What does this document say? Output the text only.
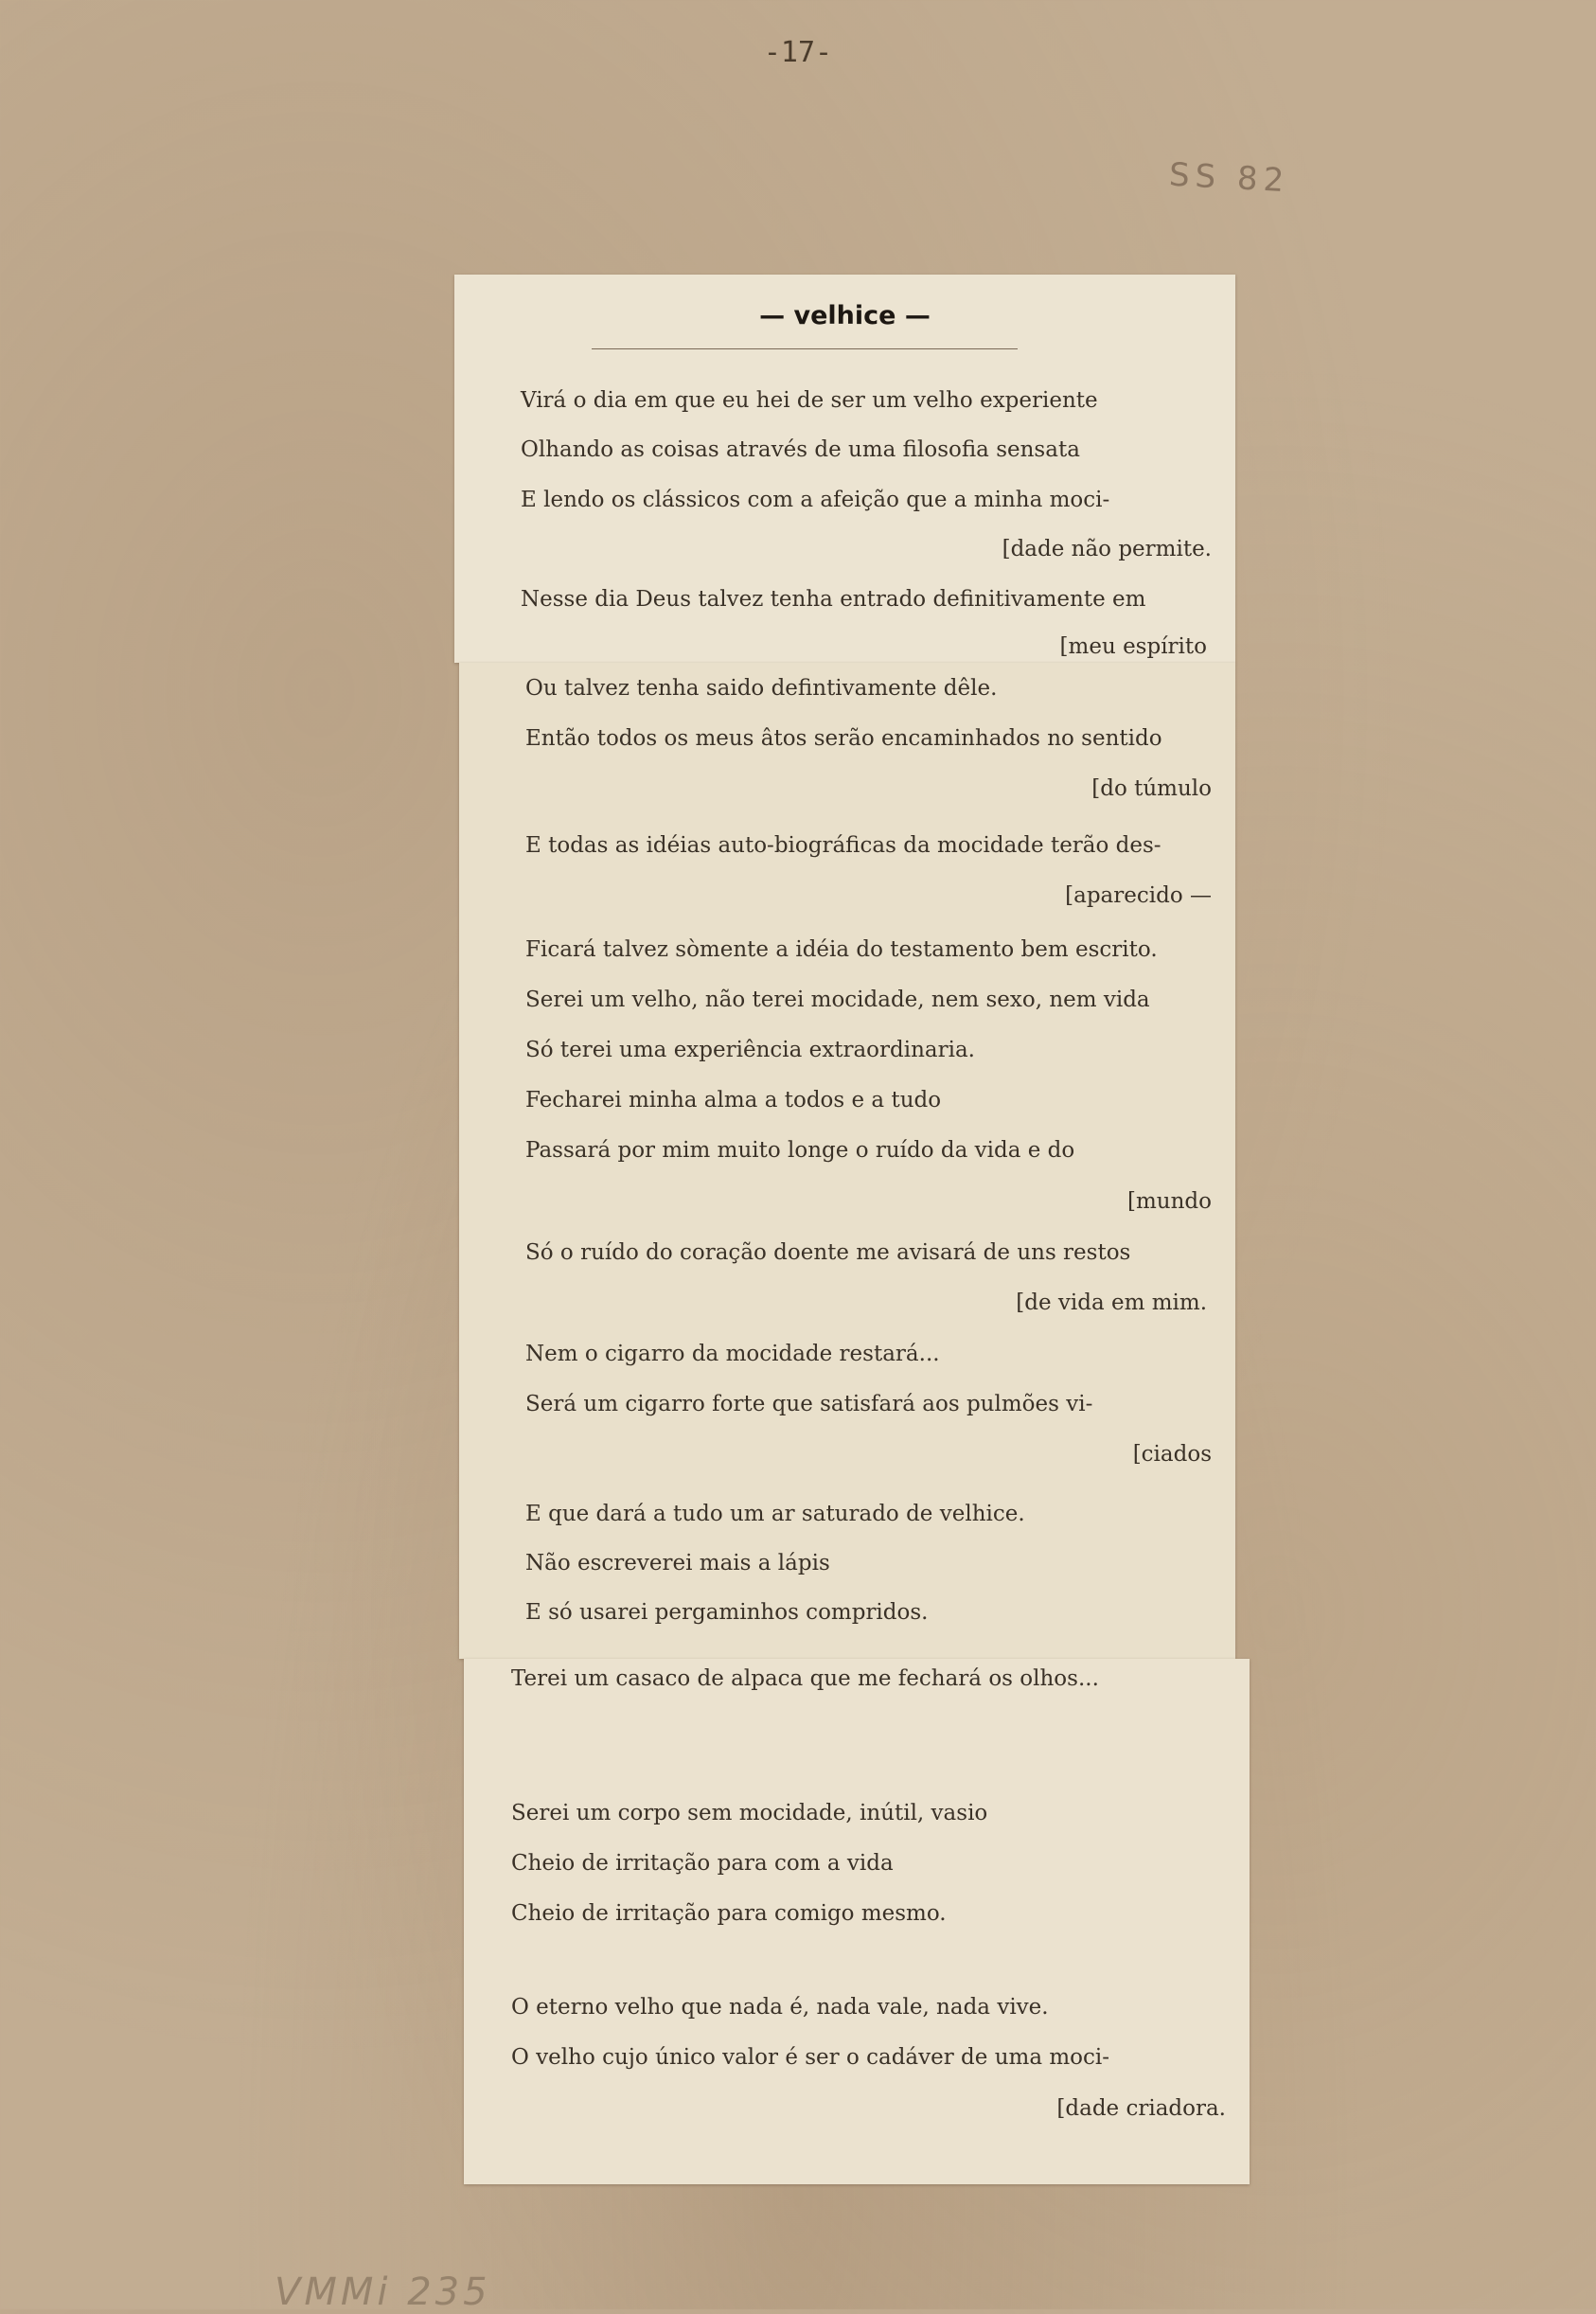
-17-
SS 82
— velhice —
Virá o dia em que eu hei de ser um velho experiente
Olhando as coisas através de uma filosofia sensata
E lendo os clássicos com a afeição que a minha moci-
[dade não permite.
Nesse dia Deus talvez tenha entrado definitivamente em
[meu espírito
Ou talvez tenha saido defintivamente dêle.
Então todos os meus âtos serão encaminhados no sentido
[do túmulo
E todas as idéias auto-biográficas da mocidade terão des-
[aparecido —
Ficará talvez sòmente a idéia do testamento bem escrito.
Serei um velho, não terei mocidade, nem sexo, nem vida
Só terei uma experiência extraordinaria.
Fecharei minha alma a todos e a tudo
Passará por mim muito longe o ruído da vida e do
[mundo
Só o ruído do coração doente me avisará de uns restos
[de vida em mim.
Nem o cigarro da mocidade restará...
Será um cigarro forte que satisfará aos pulmões vi-
[ciados
E que dará a tudo um ar saturado de velhice.
Não escreverei mais a lápis
E só usarei pergaminhos compridos.
Terei um casaco de alpaca que me fechará os olhos...
Serei um corpo sem mocidade, inútil, vasio
Cheio de irritação para com a vida
Cheio de irritação para comigo mesmo.
O eterno velho que nada é, nada vale, nada vive.
O velho cujo único valor é ser o cadáver de uma moci-
[dade criadora.
VMMi 235
